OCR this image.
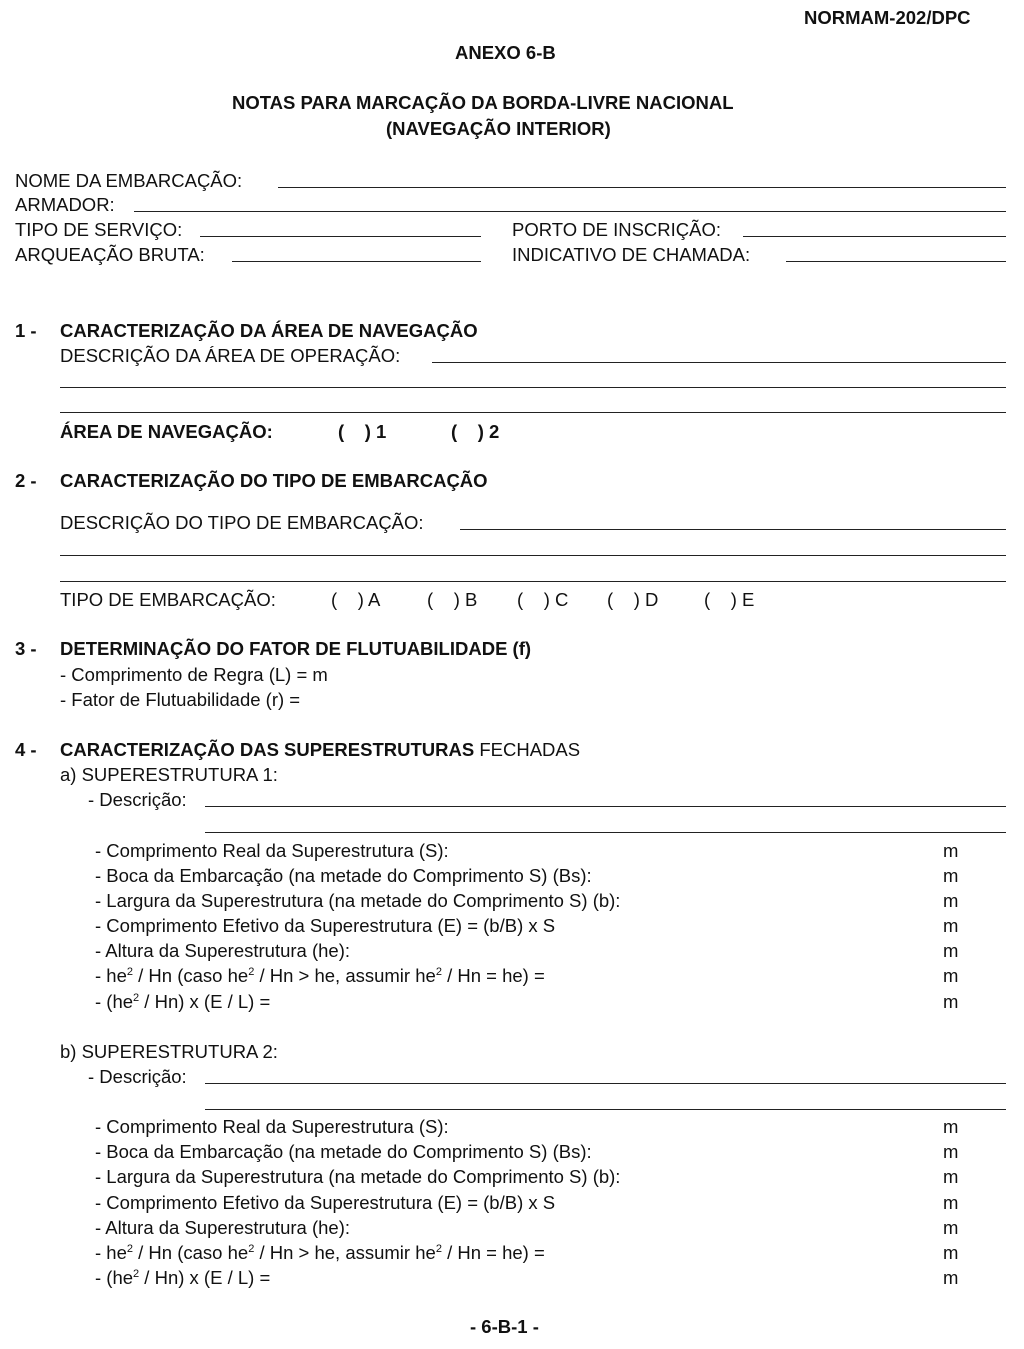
NORMAM-202/DPC
ANEXO 6-B
NOTAS PARA MARCAÇÃO DA BORDA-LIVRE NACIONAL
(NAVEGAÇÃO INTERIOR)
NOME DA EMBARCAÇÃO:
ARMADOR:
TIPO DE SERVIÇO:	PORTO DE INSCRIÇÃO:
ARQUEAÇÃO BRUTA:	INDICATIVO DE CHAMADA:
1 - CARACTERIZAÇÃO DA ÁREA DE NAVEGAÇÃO
DESCRIÇÃO DA ÁREA DE OPERAÇÃO:
ÁREA DE NAVEGAÇÃO:	(    ) 1	(    ) 2
2 - CARACTERIZAÇÃO DO TIPO DE EMBARCAÇÃO
DESCRIÇÃO DO TIPO DE EMBARCAÇÃO:
TIPO DE EMBARCAÇÃO:	(    ) A	(    ) B (    ) C (    ) D (    ) E
3 - DETERMINAÇÃO DO FATOR DE FLUTUABILIDADE (f)
- Comprimento de Regra (L) = m
- Fator de Flutuabilidade (r) =
4 - CARACTERIZAÇÃO DAS SUPERESTRUTURAS FECHADAS
a) SUPERESTRUTURA 1:
- Descrição:
- Comprimento Real da Superestrutura (S):	m
- Boca da Embarcação (na metade do Comprimento S) (Bs):	m
- Largura da Superestrutura (na metade do Comprimento S) (b):	m
- Comprimento Efetivo da Superestrutura (E) = (b/B) x S	m
- Altura da Superestrutura (he):	m
- $he^2$ / Hn (caso $he^2$ / Hn > he, assumir $he^2 / Hn = he$) =	m
- $(he^2 / Hn)$ x (E / L) =	m
b) SUPERESTRUTURA 2:
- Descrição:
- Comprimento Real da Superestrutura (S):	m
- Boca da Embarcação (na metade do Comprimento S) (Bs):	m
- Largura da Superestrutura (na metade do Comprimento S) (b):	m
- Comprimento Efetivo da Superestrutura (E) = (b/B) x S	m
- Altura da Superestrutura (he):	m
- $he^2$ / Hn (caso $he^2$ / Hn > he, assumir $he^2 / Hn = he$) =	m
- $(he^2 / Hn)$ x (E / L) =	m
- 6-B-1 -
